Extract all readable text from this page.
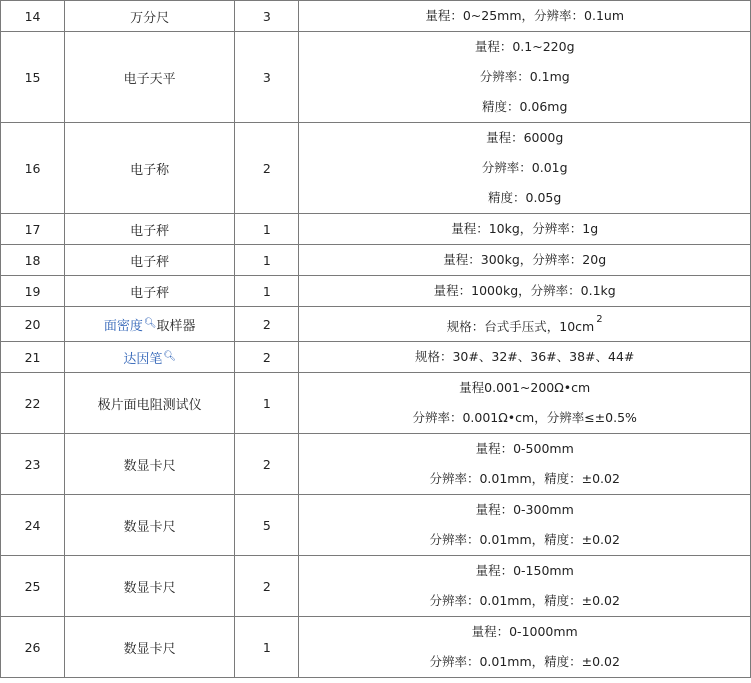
14	万分尺	3	量程：0~25mm，分辨率：0.1um

15	电子天平	3	量程：0.1~220g
分辨率：0.1mg
精度：0.06mg

16	电子称	2	量程：6000g
分辨率：0.01g
精度：0.05g

17	电子秤	1	量程：10kg，分辨率：1g

18	电子秤	1	量程：300kg，分辨率：20g

19	电子秤	1	量程：1000kg，分辨率：0.1kg

20	面密度🔍︎取样器	2	规格：台式手压式，10cm $^2$
21	达因笔🔍︎	2	规格：30#、32#、36#、38#、44#

22	极片面电阻测试仪	1	量程0.001~200Ω•cm
分辨率：0.001Ω•cm，分辨率≤±0.5%

23	数显卡尺	2	量程：0-500mm
分辨率：0.01mm，精度：±0.02

24	数显卡尺	5	量程：0-300mm
分辨率：0.01mm，精度：±0.02

25	数显卡尺	2	量程：0-150mm
分辨率：0.01mm，精度：±0.02

26	数显卡尺	1	量程：0-1000mm
分辨率：0.01mm，精度：±0.02
